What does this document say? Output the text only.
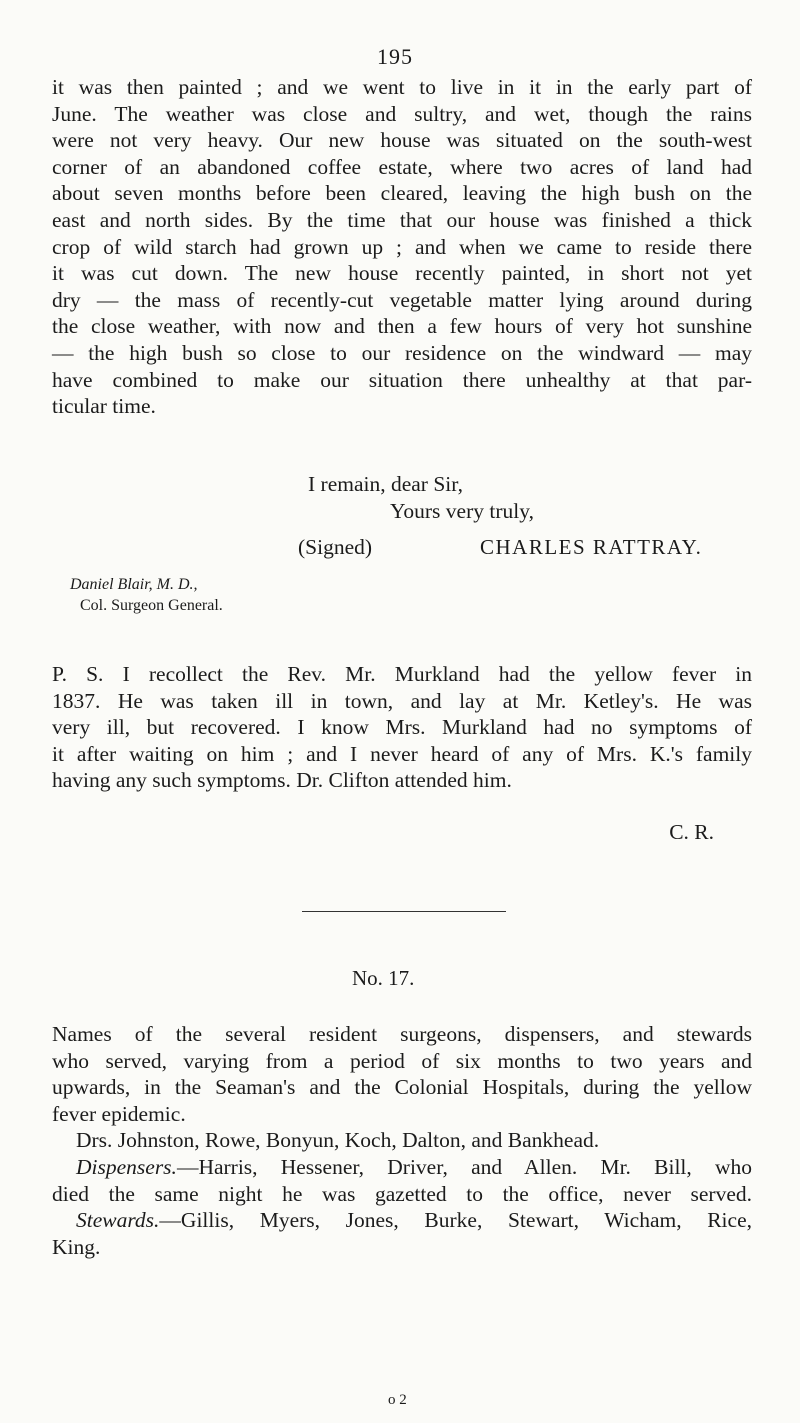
195
it was then painted ; and we went to live in it in the early part of
June. The weather was close and sultry, and wet, though the rains
were not very heavy. Our new house was situated on the south-west
corner of an abandoned coffee estate, where two acres of land had
about seven months before been cleared, leaving the high bush on the
east and north sides. By the time that our house was finished a thick
crop of wild starch had grown up ; and when we came to reside there
it was cut down. The new house recently painted, in short not yet
dry — the mass of recently-cut vegetable matter lying around during
the close weather, with now and then a few hours of very hot sunshine
— the high bush so close to our residence on the windward — may
have combined to make our situation there unhealthy at that par-
ticular time.
I remain, dear Sir,
Yours very truly,
(Signed)	CHARLES RATTRAY.
Daniel Blair, M. D.,
Col. Surgeon General.
P. S. I recollect the Rev. Mr. Murkland had the yellow fever in
1837. He was taken ill in town, and lay at Mr. Ketley's. He was
very ill, but recovered. I know Mrs. Murkland had no symptoms of
it after waiting on him ; and I never heard of any of Mrs. K.'s family
having any such symptoms. Dr. Clifton attended him.
C. R.
No. 17.
Names of the several resident surgeons, dispensers, and stewards
who served, varying from a period of six months to two years and
upwards, in the Seaman's and the Colonial Hospitals, during the yellow
fever epidemic.
Drs. Johnston, Rowe, Bonyun, Koch, Dalton, and Bankhead.
Dispensers.—Harris, Hessener, Driver, and Allen. Mr. Bill, who
died the same night he was gazetted to the office, never served.
Stewards.—Gillis, Myers, Jones, Burke, Stewart, Wicham, Rice,
King.
o 2
